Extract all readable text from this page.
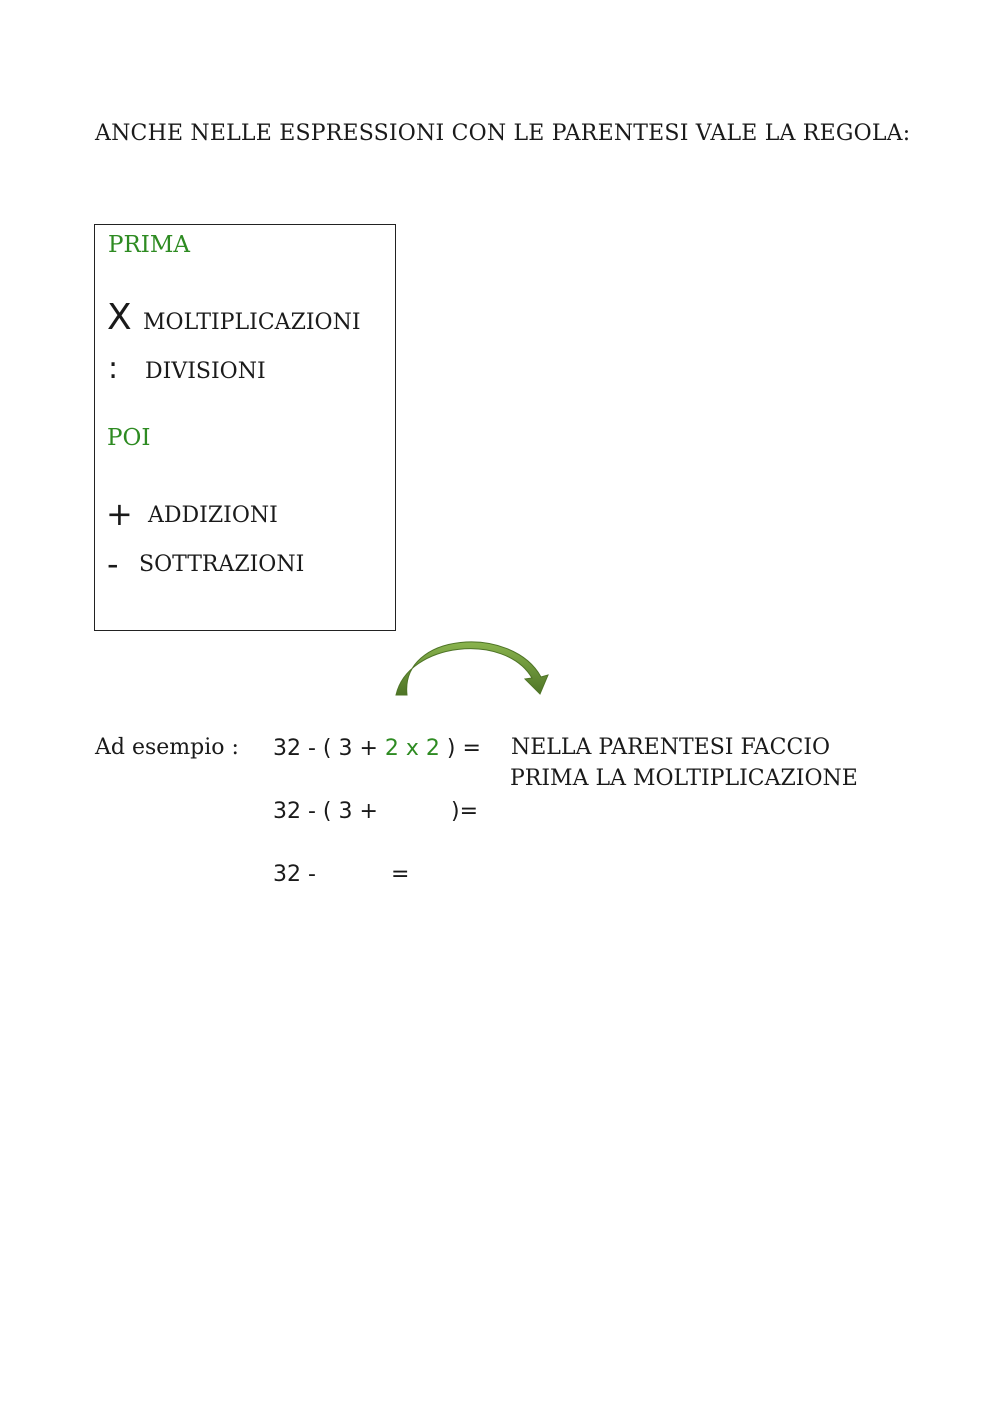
ANCHE NELLE ESPRESSIONI CON LE PARENTESI VALE LA REGOLA:
PRIMA
X MOLTIPLICAZIONI
: DIVISIONI
POI
+ ADDIZIONI
- SOTTRAZIONI
Ad esempio : 32 - ( 3 + 2 x 2 ) = NELLA PARENTESI FACCIO
PRIMA LA MOLTIPLICAZIONE
32 - ( 3 +	)=
32 -	=
